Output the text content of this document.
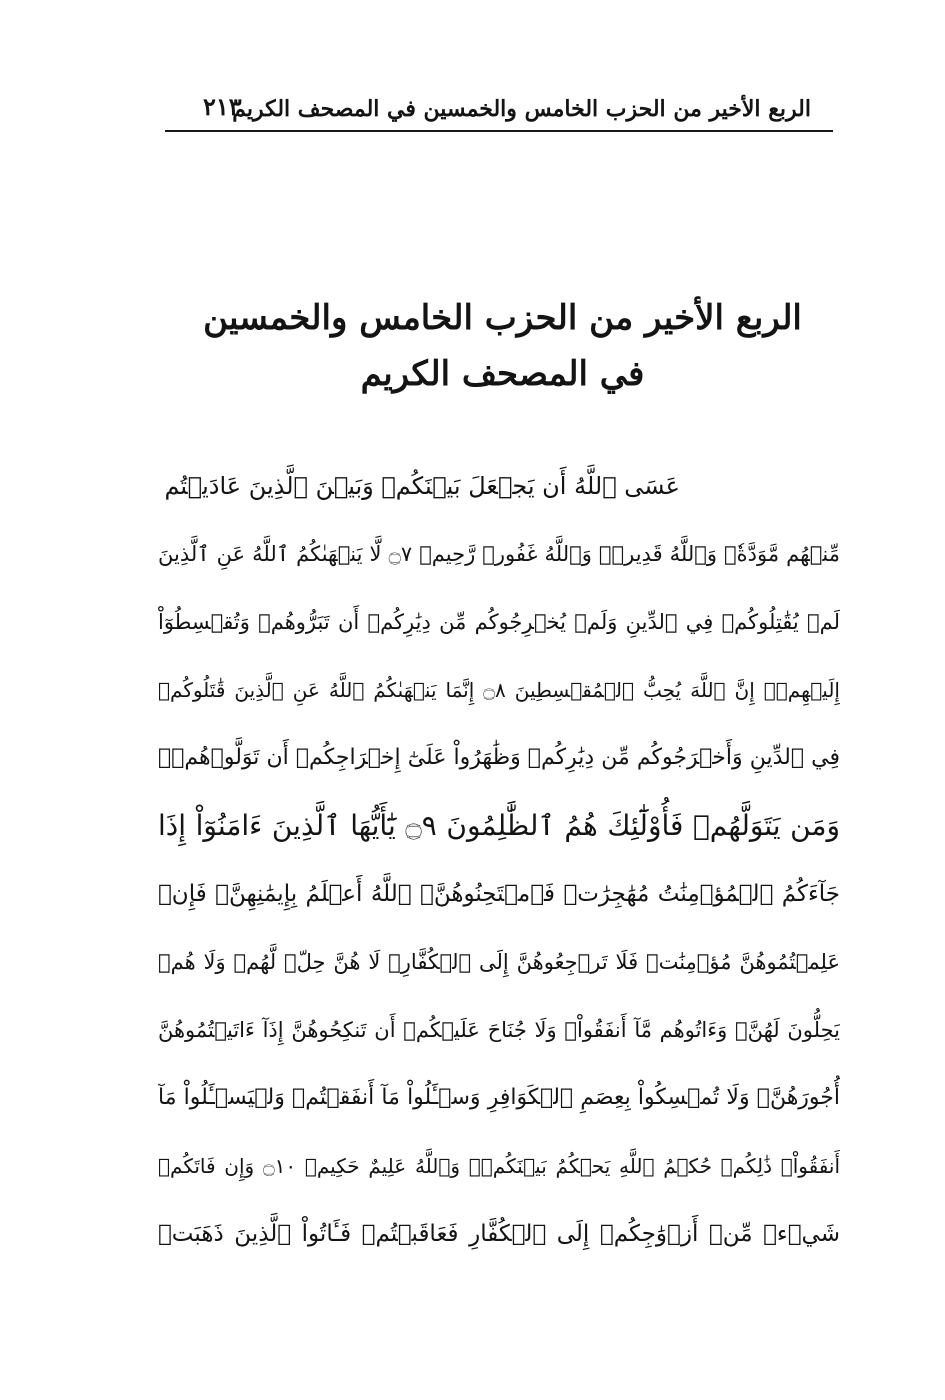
الربع الأخير من الحزب الخامس والخمسين في المصحف الكريم
٢١٣
الربع الأخير من الحزب الخامس والخمسين
في المصحف الكريم
عَسَى ٱللَّهُ أَن يَجۡعَلَ بَيۡنَكُمۡ وَبَيۡنَ ٱلَّذِينَ عَادَيۡتُم
مِّنۡهُم مَّوَدَّةٗۚ وَٱللَّهُ قَدِيرٞۚ وَٱللَّهُ غَفُورٞ رَّحِيمٞ ۝٧ لَّا يَنۡهَىٰكُمُ ٱللَّهُ عَنِ ٱلَّذِينَ
لَمۡ يُقَٰتِلُوكُمۡ فِي ٱلدِّينِ وَلَمۡ يُخۡرِجُوكُم مِّن دِيَٰرِكُمۡ أَن تَبَرُّوهُمۡ وَتُقۡسِطُوٓاْ
إِلَيۡهِمۡۚ إِنَّ ٱللَّهَ يُحِبُّ ٱلۡمُقۡسِطِينَ ۝٨ إِنَّمَا يَنۡهَىٰكُمُ ٱللَّهُ عَنِ ٱلَّذِينَ قَٰتَلُوكُمۡ
فِي ٱلدِّينِ وَأَخۡرَجُوكُم مِّن دِيَٰرِكُمۡ وَظَٰهَرُواْ عَلَىٰٓ إِخۡرَاجِكُمۡ أَن تَوَلَّوۡهُمۡۚ
وَمَن يَتَوَلَّهُمۡ فَأُوْلَٰٓئِكَ هُمُ ٱلظَّٰلِمُونَ ۝٩ يَٰٓأَيُّهَا ٱلَّذِينَ ءَامَنُوٓاْ إِذَا
جَآءَكُمُ ٱلۡمُؤۡمِنَٰتُ مُهَٰجِرَٰتٖ فَٱمۡتَحِنُوهُنَّۖ ٱللَّهُ أَعۡلَمُ بِإِيمَٰنِهِنَّۖ فَإِنۡ
عَلِمۡتُمُوهُنَّ مُؤۡمِنَٰتٖ فَلَا تَرۡجِعُوهُنَّ إِلَى ٱلۡكُفَّارِۖ لَا هُنَّ حِلّٞ لَّهُمۡ وَلَا هُمۡ
يَحِلُّونَ لَهُنَّۖ وَءَاتُوهُم مَّآ أَنفَقُواْۚ وَلَا جُنَاحَ عَلَيۡكُمۡ أَن تَنكِحُوهُنَّ إِذَآ ءَاتَيۡتُمُوهُنَّ
أُجُورَهُنَّۚ وَلَا تُمۡسِكُواْ بِعِصَمِ ٱلۡكَوَافِرِ وَسۡـَٔلُواْ مَآ أَنفَقۡتُمۡ وَلۡيَسۡـَٔلُواْ مَآ
أَنفَقُواْۚ ذَٰلِكُمۡ حُكۡمُ ٱللَّهِ يَحۡكُمُ بَيۡنَكُمۡۖ وَٱللَّهُ عَلِيمٌ حَكِيمٞ ۝١٠ وَإِن فَاتَكُمۡ
شَيۡءٞ مِّنۡ أَزۡوَٰجِكُمۡ إِلَى ٱلۡكُفَّارِ فَعَاقَبۡتُمۡ فَـَٔاتُواْ ٱلَّذِينَ ذَهَبَتۡ
